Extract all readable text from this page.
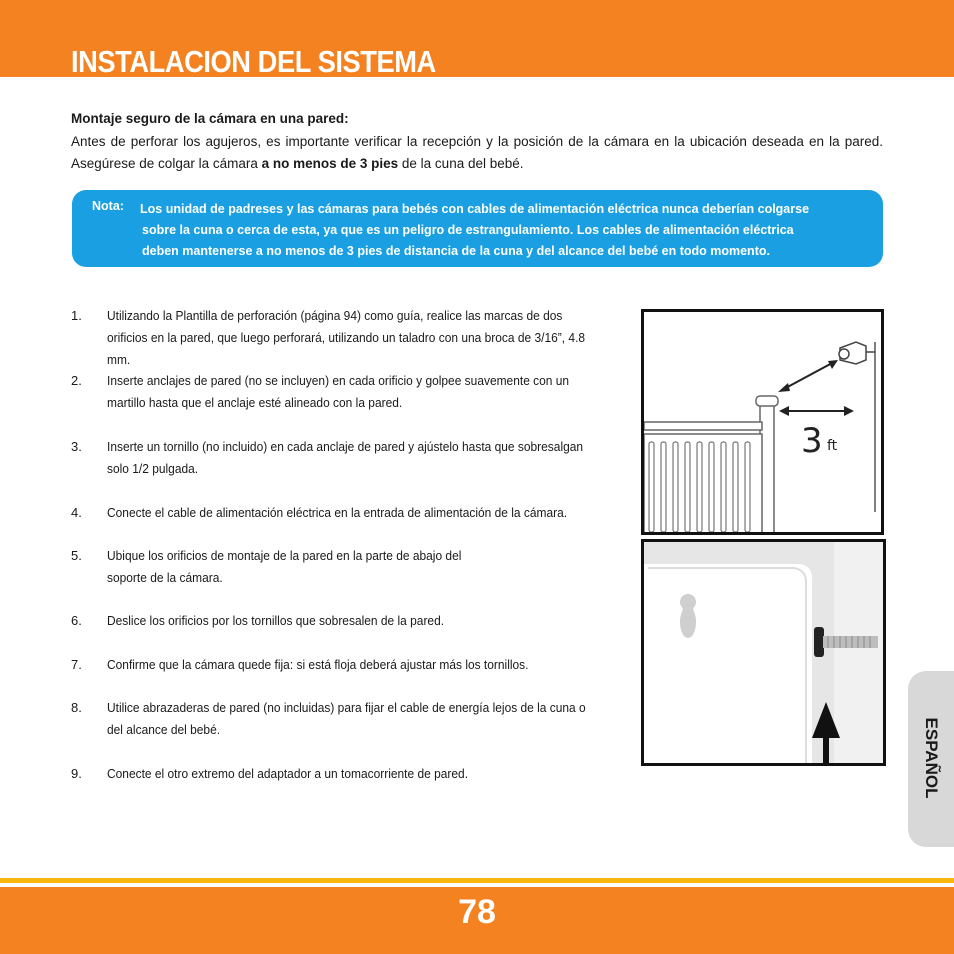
INSTALACION DEL SISTEMA
Montaje seguro de la cámara en una pared:
Antes de perforar los agujeros, es importante verificar la recepción y la posición de la cámara en la ubicación deseada en la pared. Asegúrese de colgar la cámara a no menos de 3 pies de la cuna del bebé.
Nota: Los unidad de padreses y las cámaras para bebés con cables de alimentación eléctrica nunca deberían colgarse
sobre la cuna o cerca de esta, ya que es un peligro de estrangulamiento. Los cables de alimentación eléctrica
deben mantenerse a no menos de 3 pies de distancia de la cuna y del alcance del bebé en todo momento.
1. Utilizando la Plantilla de perforación (página 94) como guía, realice las marcas de dos orificios en la pared, que luego perforará, utilizando un taladro con una broca de 3/16”, 4.8 mm.
2. Inserte anclajes de pared (no se incluyen) en cada orificio y golpee suavemente con un martillo hasta que el anclaje esté alineado con la pared.
3. Inserte un tornillo (no incluido) en cada anclaje de pared y ajústelo hasta que sobresalgan solo 1/2 pulgada.
4. Conecte el cable de alimentación eléctrica en la entrada de alimentación de la cámara.
5. Ubique los orificios de montaje de la pared en la parte de abajo del soporte de la cámara.
6. Deslice los orificios por los tornillos que sobresalen de la pared.
7. Confirme que la cámara quede fija: si está floja deberá ajustar más los tornillos.
8. Utilice abrazaderas de pared (no incluidas) para fijar el cable de energía lejos de la cuna o del alcance del bebé.
9. Conecte el otro extremo del adaptador a un tomacorriente de pared.
3 ft
ESPAÑOL
78
